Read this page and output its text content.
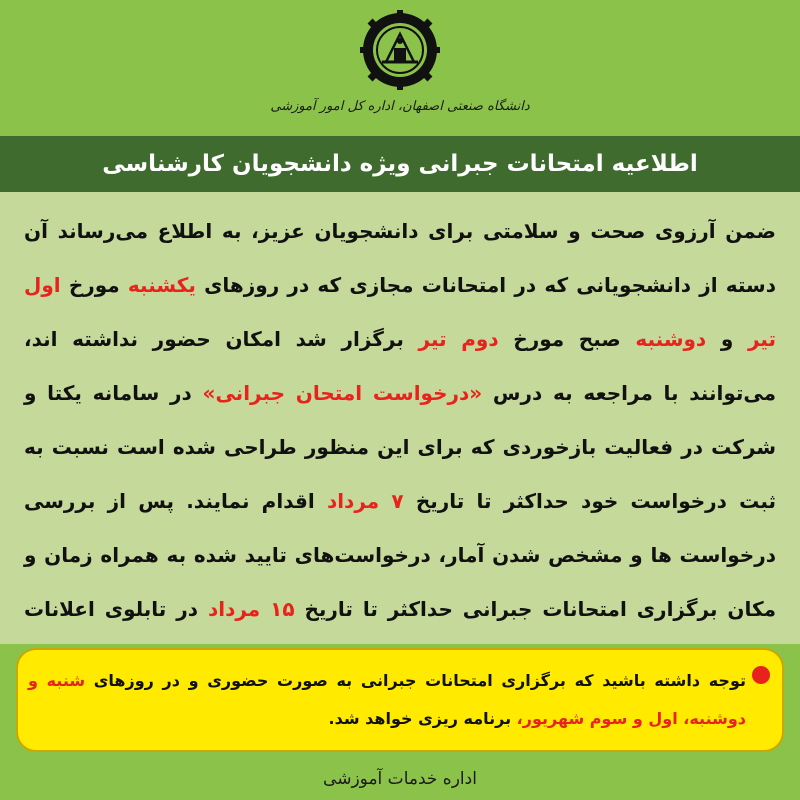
دانشگاه صنعتی اصفهان، اداره کل امور آموزشی
اطلاعیه امتحانات جبرانی ویژه دانشجویان کارشناسی
ضمن آرزوی صحت و سلامتی برای دانشجویان عزیز، به اطلاع می‌رساند آن دسته از دانشجویانی که در امتحانات مجازی که در روزهای یکشنبه مورخ اول تیر و دوشنبه صبح مورخ دوم تیر برگزار شد امکان حضور نداشته اند، می‌توانند با مراجعه به درس «درخواست امتحان جبرانی» در سامانه یکتا و شرکت در فعالیت بازخوردی که برای این منظور طراحی شده است نسبت به ثبت درخواست خود حداکثر تا تاریخ ۷ مرداد اقدام نمایند. پس از بررسی درخواست ها و مشخص شدن آمار، درخواست‌های تایید شده به همراه زمان و مکان برگزاری امتحانات جبرانی حداکثر تا تاریخ ۱۵ مرداد در تابلوی اعلانات
توجه داشته باشید که برگزاری امتحانات جبرانی به صورت حضوری و در روزهای شنبه و دوشنبه، اول و سوم شهریور، برنامه ریزی خواهد شد.
اداره خدمات آموزشی
